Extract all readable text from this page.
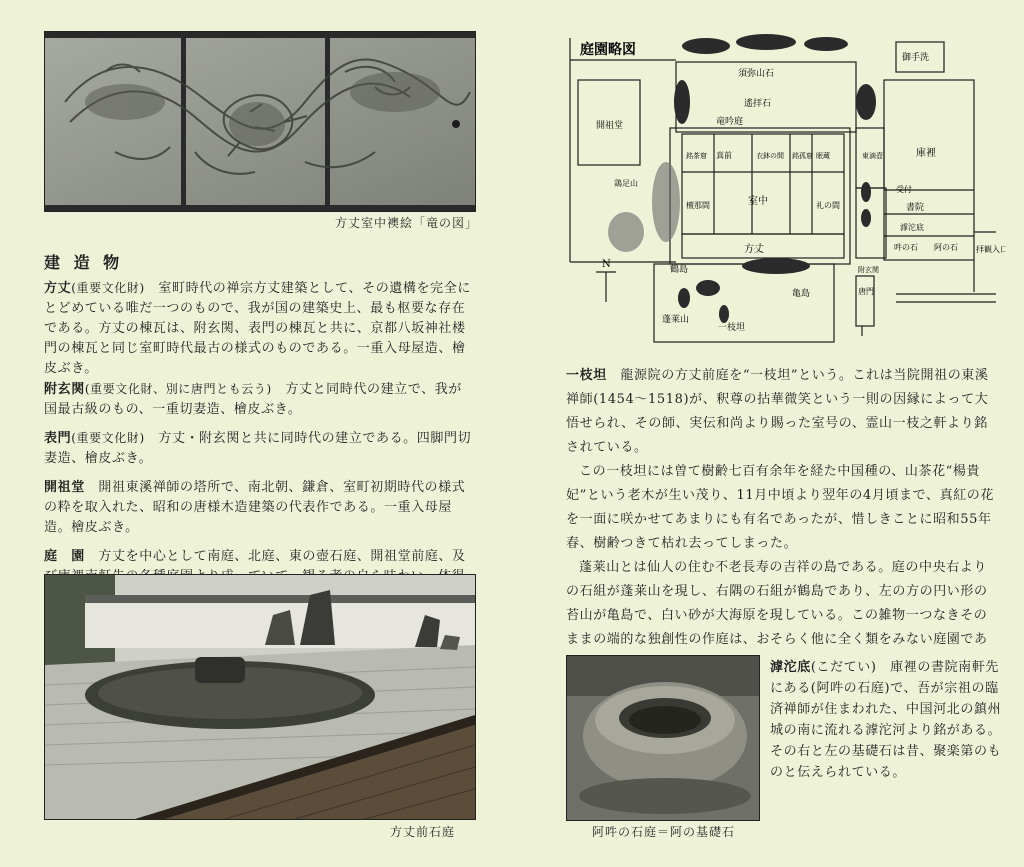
方丈室中襖絵「竜の図」
建 造 物

方丈(重要文化財)　室町時代の禅宗方丈建築として、その遺構を完全にとどめている唯だ一つのもので、我が国の建築史上、最も枢要な存在である。方丈の棟瓦は、附玄関、表門の棟瓦と共に、京都八坂神社楼門の棟瓦と同じ室町時代最古の様式のものである。一重入母屋造、檜皮ぶき。

附玄関(重要文化財、別に唐門とも云う)　方丈と同時代の建立で、我が国最古級のもの、一重切妻造、檜皮ぶき。

表門(重要文化財)　方丈・附玄関と共に同時代の建立である。四脚門切妻造、檜皮ぶき。

開祖堂　開祖東溪禅師の塔所で、南北朝、鎌倉、室町初期時代の様式の粋を取入れた、昭和の唐様木造建築の代表作である。一重入母屋造。檜皮ぶき。

庭　園　方丈を中心として南庭、北庭、東の壺石庭、開祖堂前庭、及

方丈前石庭
N
庭園略図
須弥山石
遙拝石
竜吟庭
御手洗
庫裡
受付
書院
滹沱底
吽の石 阿の石
唐門
方丈
室中
真前
檀那間	礼の間
開祖堂
鶏足山
鶴島
亀島
蓬莱山
一枝坦
拝観入口
東滴壺
眠蔵
衣鉢の間
銘茶窟	銘孤窟
附玄関

一枝坦　龍源院の方丈前庭を“一枝坦”という。これは当院開祖の東溪禅師(1454〜1518)が、釈尊の拈華微笑という一則の因縁によって大悟せられ、その師、実伝和尚より賜った室号の、霊山一枝之軒より銘されている。

この一枝坦には曽て樹齢七百有余年を経た中国種の、山茶花“楊貴妃”という老木が生い茂り、11月中頃より翌年の4月頃まで、真紅の花を一面に咲かせてあまりにも有名であったが、惜しきことに昭和55年春、樹齢つきて枯れ去ってしまった。

蓬莱山とは仙人の住む不老長寿の吉祥の島である。庭の中央右よりの石組が蓬莱山を現し、右隅の石組が鶴島であり、左の方の円い形の苔山が亀島で、白い砂が大海原を現している。この雑物一つなきそのままの端的な独創性の作庭は、おそらく他に全く類をみない庭園であ

阿吽の石庭＝阿の基礎石

滹沱底(こだてい)　庫裡の書院南軒先にある(阿吽の石庭)で、吾が宗祖の臨済禅師が住まわれた、中国河北の鎮州城の南に流れる滹沱河より銘がある。その右と左の基礎石は昔、聚楽第のものと伝えられている。
